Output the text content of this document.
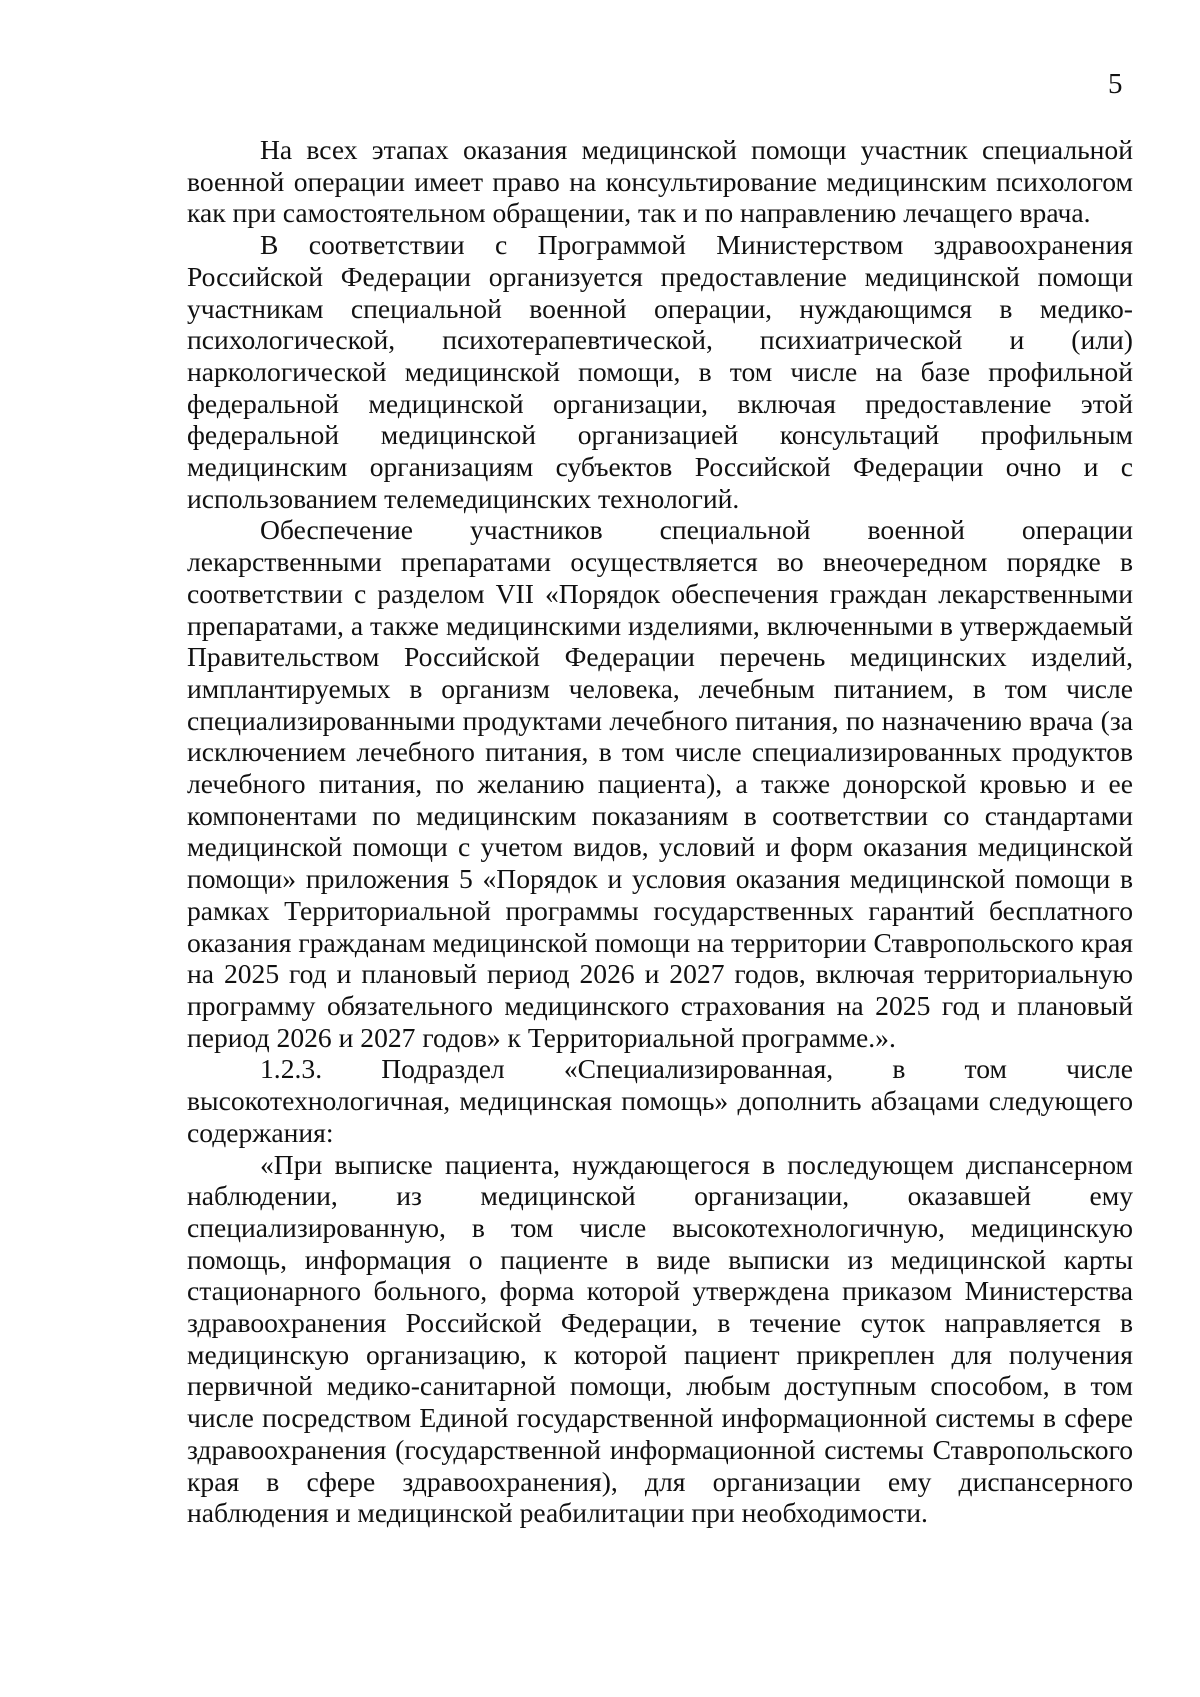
5

На всех этапах оказания медицинской помощи участник специальной военной операции имеет право на консультирование медицинским психологом как при самостоятельном обращении, так и по направлению лечащего врача.

В соответствии с Программой Министерством здравоохранения Российской Федерации организуется предоставление медицинской помощи участникам специальной военной операции, нуждающимся в медико-психологической, психотерапевтической, психиатрической и (или) наркологической медицинской помощи, в том числе на базе профильной федеральной медицинской организации, включая предоставление этой федеральной медицинской организацией консультаций профильным медицинским организациям субъектов Российской Федерации очно и с использованием телемедицинских технологий.

Обеспечение участников специальной военной операции лекарственными препаратами осуществляется во внеочередном порядке в соответствии с разделом VII «Порядок обеспечения граждан лекарственными препаратами, а также медицинскими изделиями, включенными в утверждаемый Правительством Российской Федерации перечень медицинских изделий, имплантируемых в организм человека, лечебным питанием, в том числе специализированными продуктами лечебного питания, по назначению врача (за исключением лечебного питания, в том числе специализированных продуктов лечебного питания, по желанию пациента), а также донорской кровью и ее компонентами по медицинским показаниям в соответствии со стандартами медицинской помощи с учетом видов, условий и форм оказания медицинской помощи» приложения 5 «Порядок и условия оказания медицинской помощи в рамках Территориальной программы государственных гарантий бесплатного оказания гражданам медицинской помощи на территории Ставропольского края на 2025 год и плановый период 2026 и 2027 годов, включая территориальную программу обязательного медицинского страхования на 2025 год и плановый период 2026 и 2027 годов» к Территориальной программе.».

1.2.3. Подраздел «Специализированная, в том числе высокотехнологичная, медицинская помощь» дополнить абзацами следующего содержания:

«При выписке пациента, нуждающегося в последующем диспансерном наблюдении, из медицинской организации, оказавшей ему специализированную, в том числе высокотехнологичную, медицинскую помощь, информация о пациенте в виде выписки из медицинской карты стационарного больного, форма которой утверждена приказом Министерства здравоохранения Российской Федерации, в течение суток направляется в медицинскую организацию, к которой пациент прикреплен для получения первичной медико-санитарной помощи, любым доступным способом, в том числе посредством Единой государственной информационной системы в сфере здравоохранения (государственной информационной системы Ставропольского края в сфере здравоохранения), для организации ему диспансерного наблюдения и медицинской реабилитации при необходимости.
